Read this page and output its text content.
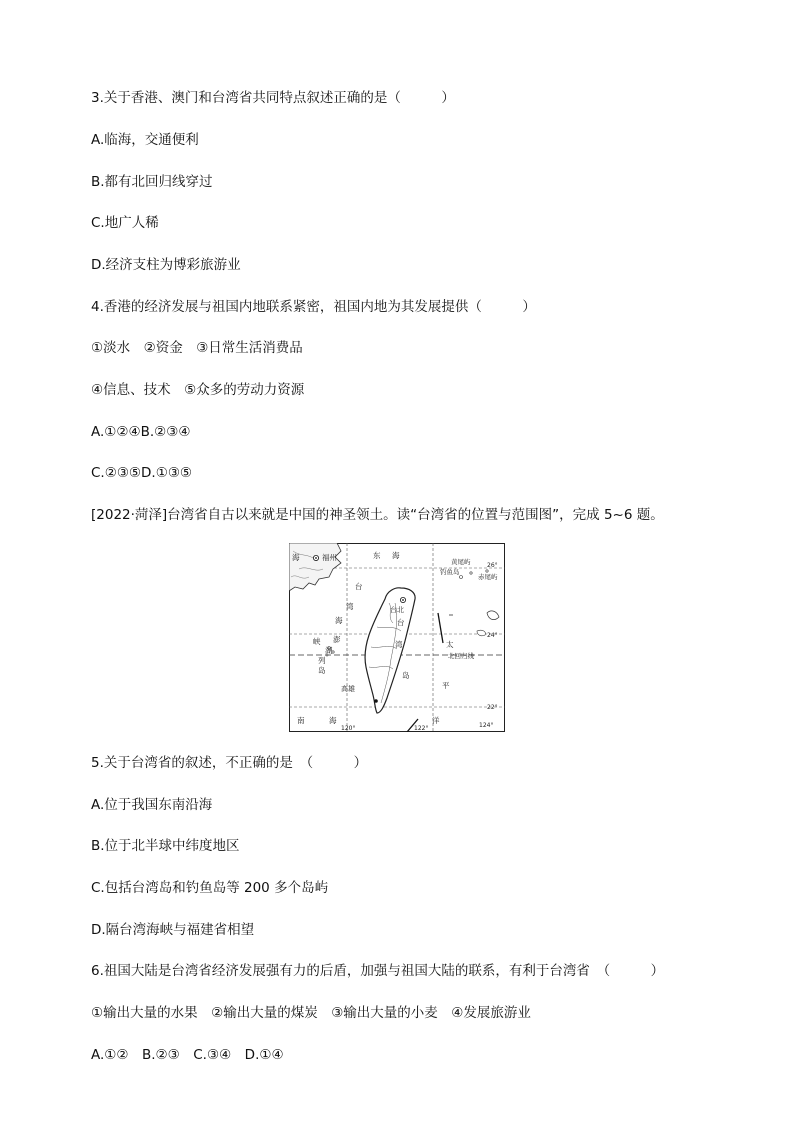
3.关于香港、澳门和台湾省共同特点叙述正确的是（　　　）
A.临海，交通便利
B.都有北回归线穿过
C.地广人稀
D.经济支柱为博彩旅游业
4.香港的经济发展与祖国内地联系紧密，祖国内地为其发展提供（　　　）
①淡水　②资金　③日常生活消费品
④信息、技术　⑤众多的劳动力资源
A.①②④B.②③④
C.②③⑤D.①③⑤
[2022·菏泽]台湾省自古以来就是中国的神圣领土。读“台湾省的位置与范围图”，完成 5~6 题。
海	福州	东 海
黄尾屿
钓鱼岛
赤尾屿
台
湾
海
峡 澎
湖
列
岛
台北
台
湾
岛
高雄
太
平
洋
南	海
北回归线
26°
24°
22°
120°	122°	124°
5.关于台湾省的叙述，不正确的是　（　　　）
A.位于我国东南沿海
B.位于北半球中纬度地区
C.包括台湾岛和钓鱼岛等 200 多个岛屿
D.隔台湾海峡与福建省相望
6.祖国大陆是台湾省经济发展强有力的后盾，加强与祖国大陆的联系，有利于台湾省　（　　　）
①输出大量的水果　②输出大量的煤炭　③输出大量的小麦　④发展旅游业
A.①②　B.②③　C.③④　D.①④
